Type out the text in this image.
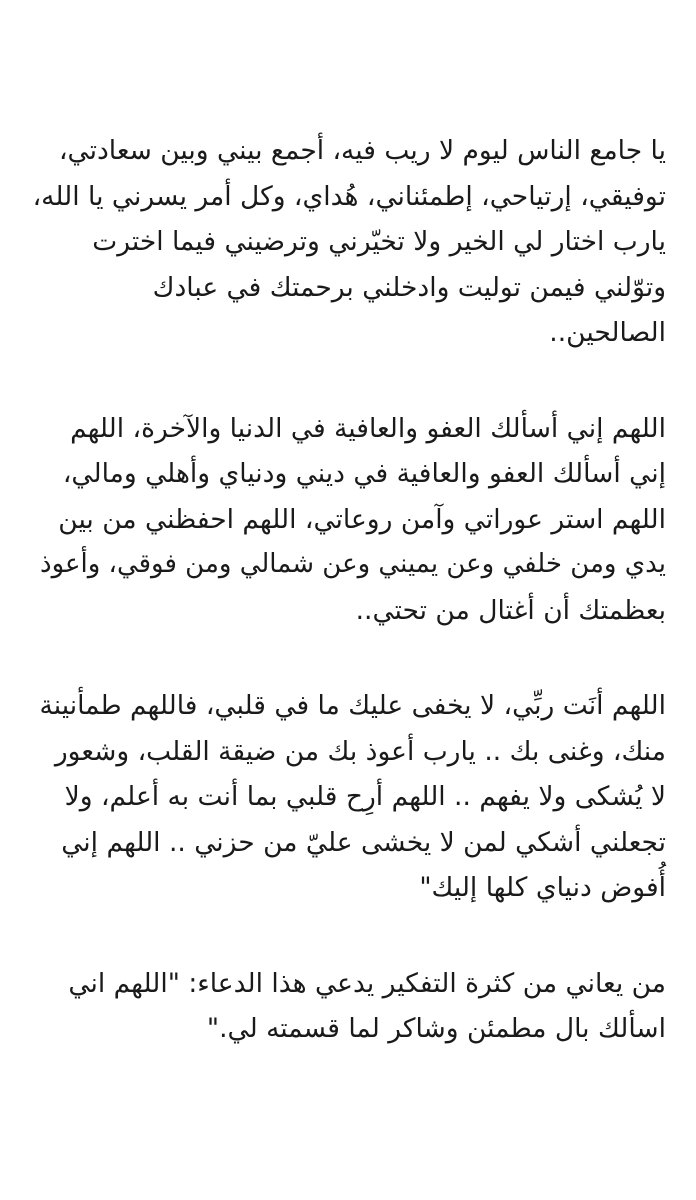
يا جامع الناس ليوم لا ريب فيه، أجمع بيني وبين سعادتي،
توفيقي، إرتياحي، إطمئناني، هُداي، وكل أمر يسرني يا الله،
يارب اختار لي الخير ولا تخيّرني وترضيني فيما اخترت
وتوّلني فيمن توليت وادخلني برحمتك في عبادك
الصالحين..

اللهم إني أسألك العفو والعافية في الدنيا والآخرة، اللهم
إني أسألك العفو والعافية في ديني ودنياي وأهلي ومالي،
اللهم استر عوراتي وآمن روعاتي، اللهم احفظني من بين
يدي ومن خلفي وعن يميني وعن شمالي ومن فوقي، وأعوذ
بعظمتك أن أغتال من تحتي..

اللهم أنَت ربِّي، لا يخفى عليك ما في قلبي، فاللهم طمأنينة
منك، وغنى بك .. يارب أعوذ بك من ضيقة القلب، وشعور
لا يُشكى ولا يفهم .. اللهم أرِح قلبي بما أنت به أعلم، ولا
تجعلني أشكي لمن لا يخشى عليّ من حزني .. اللهم إني
أُفوض دنياي كلها إليك"

من يعاني من كثرة التفكير يدعي هذا الدعاء: "اللهم اني
اسألك بال مطمئن وشاكر لما قسمته لي."
